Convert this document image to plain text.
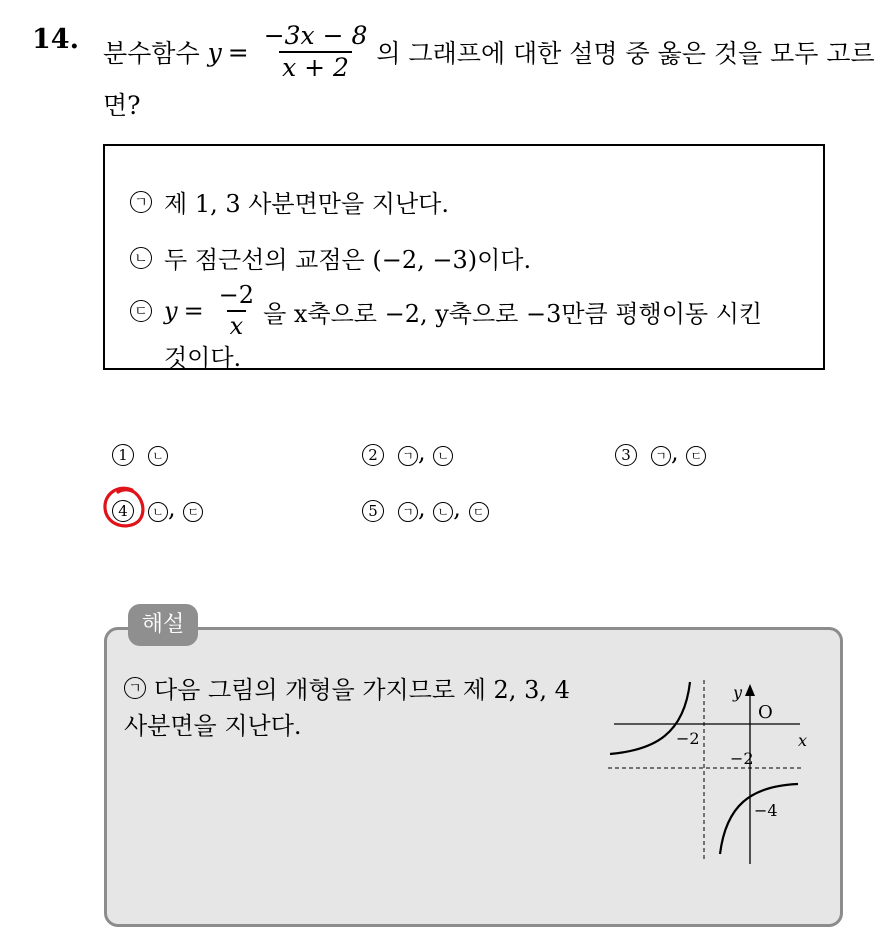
14. 분수함수 $y = \frac{-3x - 8}{x + 2}$ 의 그래프에 대한 설명 중 옳은 것을 모두 고르
면?
ㄱ 제 1, 3 사분면만을 지난다.
ㄴ 두 점근선의 교점은 (−2, −3)이다.
ㄷ $y = \frac{-2}{x}$ 을 x축으로 −2, y축으로 −3만큼 평행이동 시킨
것이다.
1 ㄴ	2 ㄱ , ㄴ	3 ㄱ , ㄷ
4 ㄴ , ㄷ	5 ㄱ , ㄴ , ㄷ
해설
ㄱ 다음 그림의 개형을 가지므로 제 2, 3, 4
사분면을 지난다.
y
O
x
−2
−2
−4
